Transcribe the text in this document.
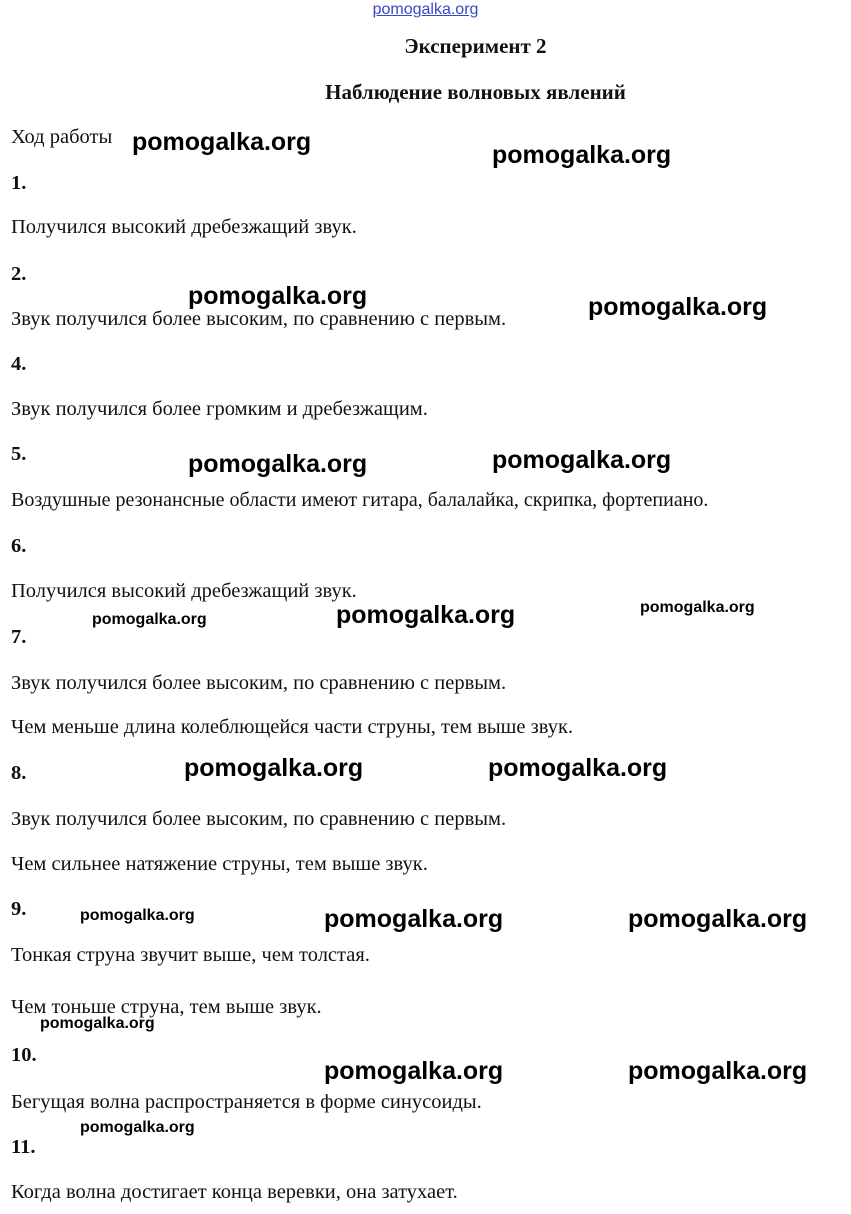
pomogalka.org
Эксперимент 2
Наблюдение волновых явлений
Ход работы
1.
Получился высокий дребезжащий звук.
2.
Звук получился более высоким, по сравнению с первым.
4.
Звук получился более громким и дребезжащим.
5.
Воздушные резонансные области имеют гитара, балалайка, скрипка, фортепиано.
6.
Получился высокий дребезжащий звук.
7.
Звук получился более высоким, по сравнению с первым.
Чем меньше длина колеблющейся части струны, тем выше звук.
8.
Звук получился более высоким, по сравнению с первым.
Чем сильнее натяжение струны, тем выше звук.
9.
Тонкая струна звучит выше, чем толстая.
Чем тоньше струна, тем выше звук.
10.
Бегущая волна распространяется в форме синусоиды.
11.
Когда волна достигает конца веревки, она затухает.
pomogalka.org	pomogalka.org
pomogalka.org	pomogalka.org
pomogalka.org	pomogalka.org
pomogalka.org	pomogalka.org	pomogalka.org
pomogalka.org	pomogalka.org
pomogalka.org	pomogalka.org	pomogalka.org
pomogalka.org
pomogalka.org	pomogalka.org
pomogalka.org
